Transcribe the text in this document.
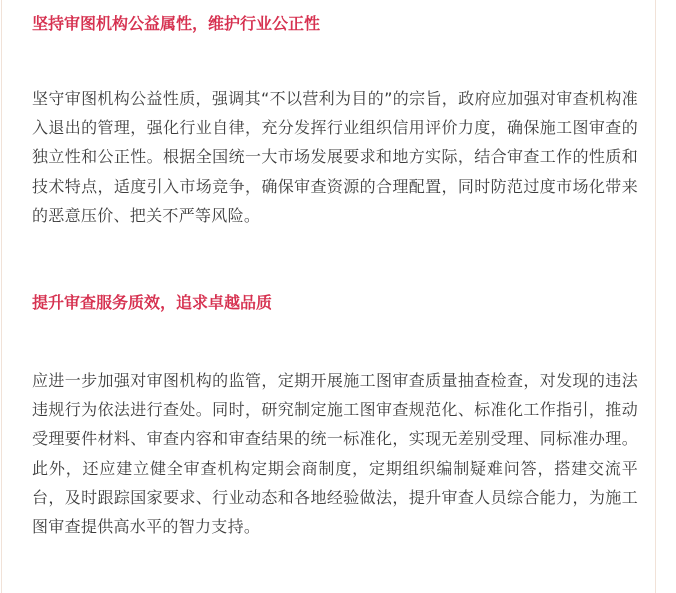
坚持审图机构公益属性，维护行业公正性

坚守审图机构公益性质，强调其“不以营利为目的”的宗旨，政府应加强对审查机构准入退出的管理，强化行业自律，充分发挥行业组织信用评价力度，确保施工图审查的独立性和公正性。根据全国统一大市场发展要求和地方实际，结合审查工作的性质和技术特点，适度引入市场竞争，确保审查资源的合理配置，同时防范过度市场化带来的恶意压价、把关不严等风险。

提升审查服务质效，追求卓越品质

应进一步加强对审图机构的监管，定期开展施工图审查质量抽查检查，对发现的违法违规行为依法进行查处。同时，研究制定施工图审查规范化、标准化工作指引，推动受理要件材料、审查内容和审查结果的统一标准化，实现无差别受理、同标准办理。此外，还应建立健全审查机构定期会商制度，定期组织编制疑难问答，搭建交流平台，及时跟踪国家要求、行业动态和各地经验做法，提升审查人员综合能力，为施工图审查提供高水平的智力支持。
